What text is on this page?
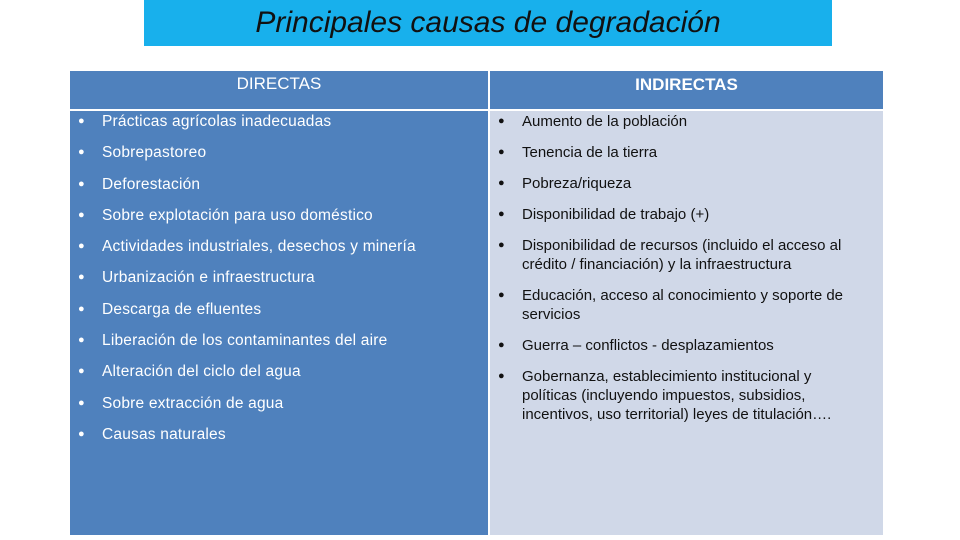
Principales causas de degradación
DIRECTAS	INDIRECTAS
● Prácticas agrícolas inadecuadas
● Sobrepastoreo
● Deforestación
● Sobre explotación para uso doméstico
● Actividades industriales, desechos y minería
● Urbanización e infraestructura
● Descarga de efluentes
● Liberación de los contaminantes del aire
● Alteración del ciclo del agua
● Sobre extracción de agua
● Causas naturales
● Aumento de la población
● Tenencia de la tierra
● Pobreza/riqueza
● Disponibilidad de trabajo (+)
● Disponibilidad de recursos (incluido el acceso al crédito / financiación) y la infraestructura
● Educación, acceso al conocimiento y soporte de servicios
● Guerra – conflictos - desplazamientos
● Gobernanza, establecimiento institucional y políticas (incluyendo impuestos, subsidios, incentivos, uso territorial) leyes de titulación….
